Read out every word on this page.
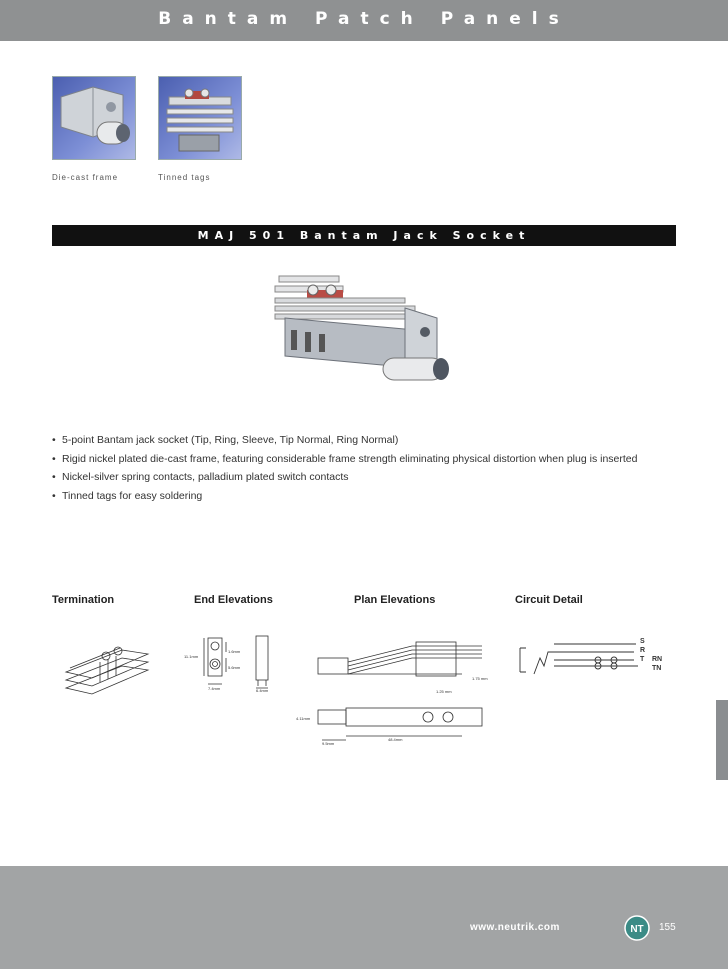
Bantam Patch Panels
Die-cast frame	Tinned tags
MAJ 501 Bantam Jack Socket
• 5-point Bantam jack socket (Tip, Ring, Sleeve, Tip Normal, Ring Normal)
• Rigid nickel plated die-cast frame, featuring considerable frame strength eliminating physical distortion when plug is inserted
• Nickel-silver spring contacts, palladium plated switch contacts
• Tinned tags for easy soldering
Termination	End Elevations	Plan Elevations	Circuit Detail
11.1mm
1.6mm
5.6mm
7.4mm	6.4mm
1.75 mm
1.25 mm
4.11mm
9.5mm
48.4mm
S
R
T RN
TN
www.neutrik.com	NT 155
